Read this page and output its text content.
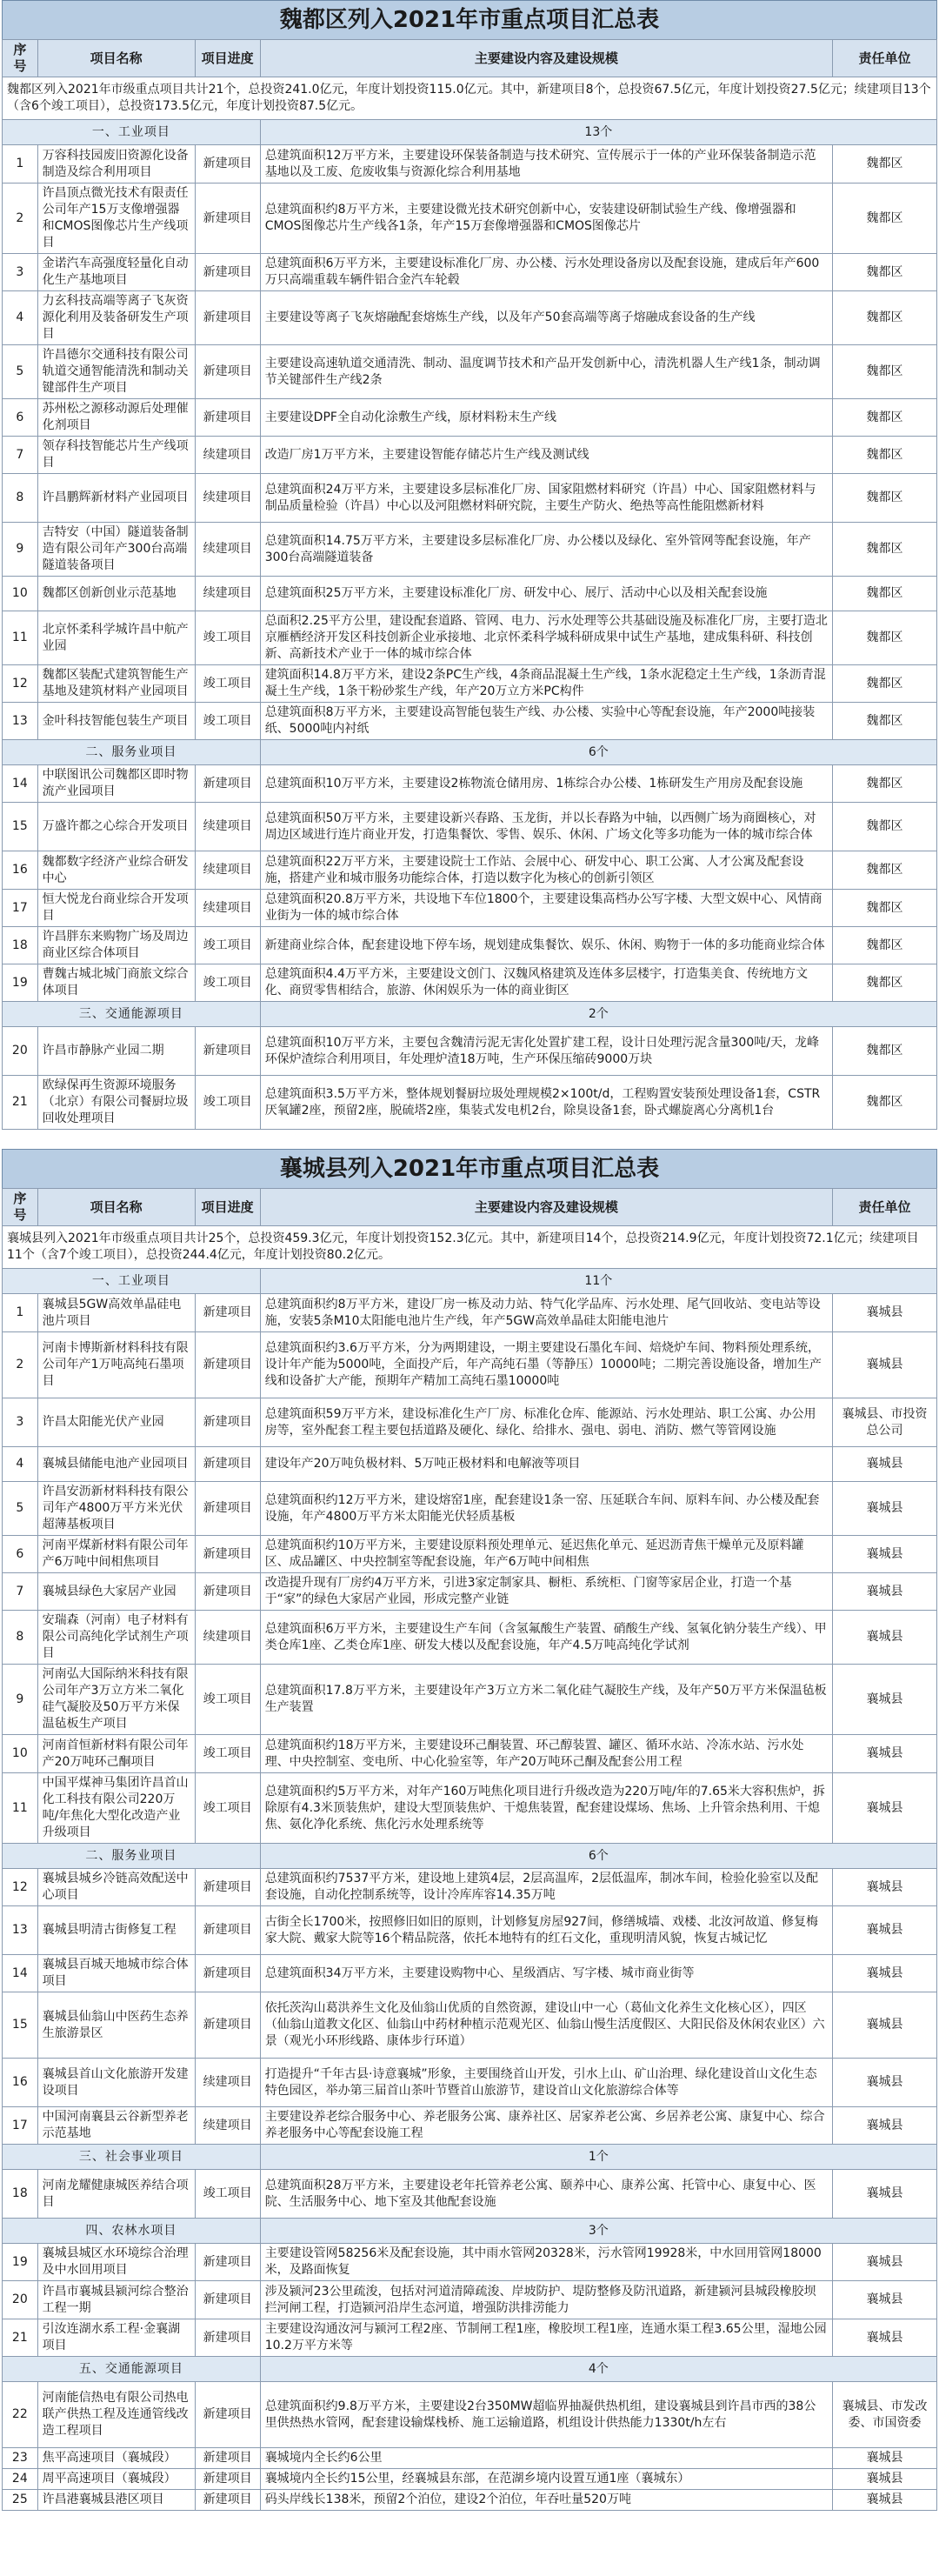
魏都区列入2021年市重点项目汇总表
序号	项目名称	项目进度	主要建设内容及建设规模	责任单位
魏都区列入2021年市级重点项目共计21个，总投资241.0亿元，年度计划投资115.0亿元。其中，新建项目8个，总投资67.5亿元，年度计划投资27.5亿元；续建项目13个（含6个竣工项目），总投资173.5亿元，年度计划投资87.5亿元。				
一、工业项目			13个	
1	万容科技园废旧资源化设备制造及综合利用项目	新建项目	总建筑面积12万平方米，主要建设环保装备制造与技术研究、宣传展示于一体的产业环保装备制造示范基地以及工废、危废收集与资源化综合利用基地	魏都区
2	许昌顶点微光技术有限责任公司年产15万支像增强器和CMOS图像芯片生产线项目	新建项目	总建筑面积约8万平方米，主要建设微光技术研究创新中心，安装建设研制试验生产线、像增强器和CMOS图像芯片生产线各1条，年产15万套像增强器和CMOS图像芯片	魏都区
3	金诺汽车高强度轻量化自动化生产基地项目	新建项目	总建筑面积6万平方米，主要建设标准化厂房、办公楼、污水处理设备房以及配套设施，建成后年产600万只高端重载车辆件铝合金汽车轮毂	魏都区
4	力玄科技高端等离子飞灰资源化利用及装备研发生产项目	新建项目	主要建设等离子飞灰熔融配套熔炼生产线，以及年产50套高端等离子熔融成套设备的生产线	魏都区
5	许昌德尔交通科技有限公司轨道交通智能清洗和制动关键部件生产项目	新建项目	主要建设高速轨道交通清洗、制动、温度调节技术和产品开发创新中心，清洗机器人生产线1条，制动调节关键部件生产线2条	魏都区
6	苏州松之源移动源后处理催化剂项目	新建项目	主要建设DPF全自动化涂敷生产线，原材料粉末生产线	魏都区
7	领存科技智能芯片生产线项目	续建项目	改造厂房1万平方米，主要建设智能存储芯片生产线及测试线	魏都区
8	许昌鹏辉新材料产业园项目	续建项目	总建筑面积24万平方米，主要建设多层标准化厂房、国家阻燃材料研究（许昌）中心、国家阻燃材料与制品质量检验（许昌）中心以及河阻燃材料研究院，主要生产防火、绝热等高性能阻燃新材料	魏都区
9	吉特安（中国）隧道装备制造有限公司年产300台高端隧道装备项目	续建项目	总建筑面积14.75万平方米，主要建设多层标准化厂房、办公楼以及绿化、室外管网等配套设施，年产300台高端隧道装备	魏都区
10	魏都区创新创业示范基地	续建项目	总建筑面积25万平方米，主要建设标准化厂房、研发中心、展厅、活动中心以及相关配套设施	魏都区
11	北京怀柔科学城许昌中航产业园	竣工项目	总面积2.25平方公里，建设配套道路、管网、电力、污水处理等公共基础设施及标准化厂房，主要打造北京雁栖经济开发区科技创新企业承接地、北京怀柔科学城科研成果中试生产基地，建成集科研、科技创新、高新技术产业于一体的城市综合体	魏都区
12	魏都区装配式建筑智能生产基地及建筑材料产业园项目	竣工项目	建筑面积14.8万平方米，建设2条PC生产线，4条商品混凝土生产线，1条水泥稳定土生产线，1条沥青混凝土生产线，1条干粉砂浆生产线，年产20万立方米PC构件	魏都区
13	金叶科技智能包装生产项目	竣工项目	总建筑面积8万平方米，主要建设高智能包装生产线、办公楼、实验中心等配套设施，年产2000吨接装纸、5000吨内衬纸	魏都区
二、服务业项目			6个	
14	中联图讯公司魏都区即时物流产业园项目	新建项目	总建筑面积10万平方米，主要建设2栋物流仓储用房、1栋综合办公楼、1栋研发生产用房及配套设施	魏都区
15	万盛许都之心综合开发项目	续建项目	总建筑面积50万平方米，主要建设新兴春路、玉龙街，并以长春路为中轴，以西侧广场为商圈核心，对周边区域进行连片商业开发，打造集餐饮、零售、娱乐、休闲、广场文化等多功能为一体的城市综合体	魏都区
16	魏都数字经济产业综合研发中心	续建项目	总建筑面积22万平方米，主要建设院士工作站、会展中心、研发中心、职工公寓、人才公寓及配套设施，搭建产业和城市服务功能综合体，打造以数字化为核心的创新引领区	魏都区
17	恒大悦龙台商业综合开发项目	续建项目	总建筑面积20.8万平方米，共设地下车位1800个，主要建设集高档办公写字楼、大型文娱中心、风情商业街为一体的城市综合体	魏都区
18	许昌胖东来购物广场及周边商业区综合体项目	竣工项目	新建商业综合体，配套建设地下停车场，规划建成集餐饮、娱乐、休闲、购物于一体的多功能商业综合体	魏都区
19	曹魏古城北城门商旅文综合体项目	竣工项目	总建筑面积4.4万平方米，主要建设文创门、汉魏风格建筑及连体多层楼宇，打造集美食、传统地方文化、商贸零售相结合，旅游、休闲娱乐为一体的商业街区	魏都区
三、交通能源项目			2个	
20	许昌市静脉产业园二期	新建项目	总建筑面积10万平方米，主要包含魏清污泥无害化处置扩建工程，设计日处理污泥含量300吨/天，龙峰环保炉渣综合利用项目，年处理炉渣18万吨，生产环保压缩砖9000万块	魏都区
21	欧绿保再生资源环境服务（北京）有限公司餐厨垃圾回收处理项目	竣工项目	总建筑面积3.5万平方米，整体规划餐厨垃圾处理规模2×100t/d，工程购置安装预处理设备1套，CSTR厌氧罐2座，预留2座，脱硫塔2座，集装式发电机2台，除臭设备1套，卧式螺旋离心分离机1台	魏都区
襄城县列入2021年市重点项目汇总表
序号	项目名称	项目进度	主要建设内容及建设规模	责任单位
襄城县列入2021年市级重点项目共计25个，总投资459.3亿元，年度计划投资152.3亿元。其中，新建项目14个，总投资214.9亿元，年度计划投资72.1亿元；续建项目11个（含7个竣工项目），总投资244.4亿元，年度计划投资80.2亿元。				
一、工业项目			11个	
1	襄城县5GW高效单晶硅电池片项目	新建项目	总建筑面积约8万平方米，建设厂房一栋及动力站、特气化学品库、污水处理、尾气回收站、变电站等设施，安装5条M10太阳能电池片生产线，年产5GW高效单晶硅太阳能电池片	襄城县
2	河南卡博斯新材料科技有限公司年产1万吨高纯石墨项目	新建项目	总建筑面积约3.6万平方米，分为两期建设，一期主要建设石墨化车间、焙烧炉车间、物料预处理系统，设计年产能为5000吨，全面投产后，年产高纯石墨（等静压）10000吨；二期完善设施设备，增加生产线和设备扩大产能，预期年产精加工高纯石墨10000吨	襄城县
3	许昌太阳能光伏产业园	新建项目	总建筑面积59万平方米，建设标准化生产厂房、标准化仓库、能源站、污水处理站、职工公寓、办公用房等，室外配套工程主要包括道路及硬化、绿化、给排水、强电、弱电、消防、燃气等管网设施	襄城县、市投资总公司
4	襄城县储能电池产业园项目	新建项目	建设年产20万吨负极材料、5万吨正极材料和电解液等项目	襄城县
5	许昌安沥新材料科技有限公司年产4800万平方米光伏超薄基板项目	新建项目	总建筑面积约12万平方米，建设熔窑1座，配套建设1条一窑、压延联合车间、原料车间、办公楼及配套设施，年产4800万平方米太阳能光伏轻质基板	襄城县
6	河南平煤新材料有限公司年产6万吨中间相焦项目	新建项目	总建筑面积约10万平方米，主要建设原料预处理单元、延迟焦化单元、延迟沥青焦干燥单元及原料罐区、成品罐区、中央控制室等配套设施，年产6万吨中间相焦	襄城县
7	襄城县绿色大家居产业园	新建项目	改造提升现有厂房约4万平方米，引进3家定制家具、橱柜、系统柜、门窗等家居企业，打造一个基于“家”的绿色大家居产业园，形成完整产业链	襄城县
8	安瑞森（河南）电子材料有限公司高纯化学试剂生产项目	续建项目	总建筑面积6万平方米，主要建设生产车间（含氢氟酸生产装置、硝酸生产线、氢氧化钠分装生产线）、甲类仓库1座、乙类仓库1座、研发大楼以及配套设施，年产4.5万吨高纯化学试剂	襄城县
9	河南弘大国际纳米科技有限公司年产3万立方米二氧化硅气凝胶及50万平方米保温毡板生产项目	竣工项目	总建筑面积17.8万平方米，主要建设年产3万立方米二氧化硅气凝胶生产线，及年产50万平方米保温毡板生产装置	襄城县
10	河南首恒新材料有限公司年产20万吨环己酮项目	竣工项目	总建筑面积约18万平方米，主要建设环己酮装置、环己醇装置、罐区、循环水站、冷冻水站、污水处理、中央控制室、变电所、中心化验室等，年产20万吨环己酮及配套公用工程	襄城县
11	中国平煤神马集团许昌首山化工科技有限公司220万吨/年焦化大型化改造产业升级项目	竣工项目	总建筑面积约5万平方米，对年产160万吨焦化项目进行升级改造为220万吨/年的7.65米大容积焦炉，拆除原有4.3米顶装焦炉，建设大型顶装焦炉、干熄焦装置，配套建设煤场、焦场、上升管余热利用、干熄焦、氨化净化系统、焦化污水处理系统等	襄城县
二、服务业项目			6个	
12	襄城县城乡冷链高效配送中心项目	新建项目	总建筑面积约7537平方米，建设地上建筑4层，2层高温库，2层低温库，制冰车间，检验化验室以及配套设施，自动化控制系统等，设计冷库库容14.35万吨	襄城县
13	襄城县明清古街修复工程	新建项目	古街全长1700米，按照修旧如旧的原则，计划修复房屋927间，修缮城墙、戏楼、北汝河故道、修复梅家大院、戴家大院等16个精品院落，依托本地特有的红石文化，重现明清风貌，恢复古城记忆	襄城县
14	襄城县百城天地城市综合体项目	新建项目	总建筑面积34万平方米，主要建设购物中心、星级酒店、写字楼、城市商业街等	襄城县
15	襄城县仙翁山中医药生态养生旅游景区	新建项目	依托茨沟山葛洪养生文化及仙翁山优质的自然资源，建设山中一心（葛仙文化养生文化核心区），四区（仙翁山道教文化区、仙翁山中药材种植示范观光区、仙翁山慢生活度假区、大阳民俗及休闲农业区）六景（观光小环形线路、康体步行环道）	襄城县
16	襄城县首山文化旅游开发建设项目	续建项目	打造提升“千年古县·诗意襄城”形象，主要围绕首山开发，引水上山、矿山治理、绿化建设首山文化生态特色园区，举办第三届首山茶叶节暨首山旅游节，建设首山文化旅游综合体等	襄城县
17	中国河南襄县云谷新型养老示范基地	续建项目	主要建设养老综合服务中心、养老服务公寓、康养社区、居家养老公寓、乡居养老公寓、康复中心、综合养老服务中心等配套设施工程	襄城县
三、社会事业项目			1个	
18	河南龙耀健康城医养结合项目	竣工项目	总建筑面积28万平方米，主要建设老年托管养老公寓、颐养中心、康养公寓、托管中心、康复中心、医院、生活服务中心、地下室及其他配套设施	襄城县
四、农林水项目			3个	
19	襄城县城区水环境综合治理及中水回用项目	新建项目	主要建设管网58256米及配套设施，其中雨水管网20328米，污水管网19928米，中水回用管网18000米，及路面恢复	襄城县
20	许昌市襄城县颍河综合整治工程一期	新建项目	涉及颍河23公里疏浚，包括对河道清障疏浚、岸坡防护、堤防整修及防汛道路，新建颍河县城段橡胶坝拦河闸工程，打造颍河沿岸生态河道，增强防洪排涝能力	襄城县
21	引汝连湖水系工程·金襄湖项目	新建项目	主要建设沟通汝河与颍河工程2座、节制闸工程1座，橡胶坝工程1座，连通水渠工程3.65公里，湿地公园10.2万平方米等	襄城县
五、交通能源项目			4个	
22	河南能信热电有限公司热电联产供热工程及连通管线改造工程项目	新建项目	总建筑面积约9.8万平方米，主要建设2台350MW超临界抽凝供热机组，建设襄城县到许昌市西的38公里供热热水管网，配套建设输煤栈桥、施工运输道路，机组设计供热能力1330t/h左右	襄城县、市发改委、市国资委
23	焦平高速项目（襄城段）	新建项目	襄城境内全长约6公里	襄城县
24	周平高速项目（襄城段）	新建项目	襄城境内全长约15公里，经襄城县东部，在范湖乡境内设置互通1座（襄城东）	襄城县
25	许昌港襄城县港区项目	新建项目	码头岸线长138米，预留2个泊位，建设2个泊位，年吞吐量520万吨	襄城县
